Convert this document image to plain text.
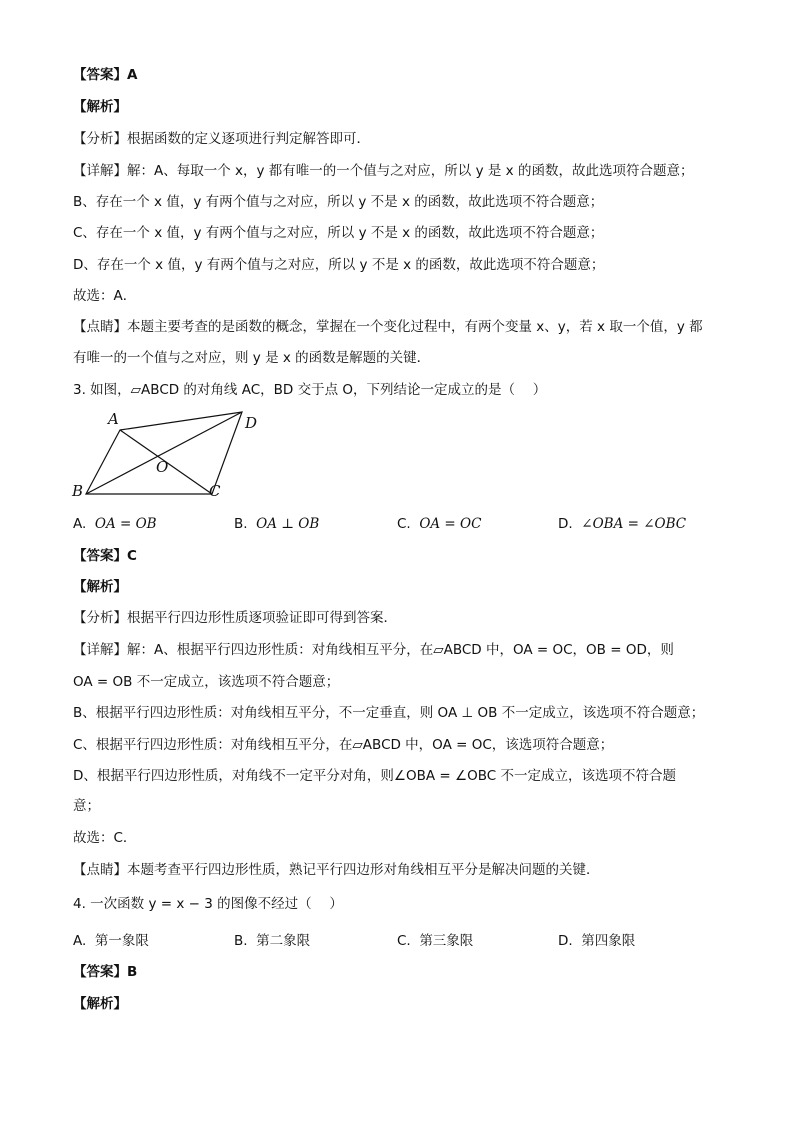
【答案】A
【解析】
【分析】根据函数的定义逐项进行判定解答即可．
【详解】解：A、每取一个 x，y 都有唯一的一个值与之对应，所以 y 是 x 的函数，故此选项符合题意；
B、存在一个 x 值，y 有两个值与之对应，所以 y 不是 x 的函数，故此选项不符合题意；
C、存在一个 x 值，y 有两个值与之对应，所以 y 不是 x 的函数，故此选项不符合题意；
D、存在一个 x 值，y 有两个值与之对应，所以 y 不是 x 的函数，故此选项不符合题意；
故选：A．
【点睛】本题主要考查的是函数的概念，掌握在一个变化过程中，有两个变量 x、y，若 x 取一个值，y 都
有唯一的一个值与之对应，则 y 是 x 的函数是解题的关键．
3. 如图，▱ABCD 的对角线 AC，BD 交于点 O，下列结论一定成立的是（　 ）
A	D
O
B	C
A. OA = OB	B. OA ⊥ OB	C. OA = OC	D. ∠OBA = ∠OBC
【答案】C
【解析】
【分析】根据平行四边形性质逐项验证即可得到答案．
【详解】解：A、根据平行四边形性质：对角线相互平分，在▱ABCD 中，OA = OC，OB = OD，则
OA = OB 不一定成立，该选项不符合题意；
B、根据平行四边形性质：对角线相互平分，不一定垂直，则 OA ⊥ OB 不一定成立，该选项不符合题意；
C、根据平行四边形性质：对角线相互平分，在▱ABCD 中，OA = OC，该选项符合题意；
D、根据平行四边形性质，对角线不一定平分对角，则∠OBA = ∠OBC 不一定成立，该选项不符合题
意；
故选：C．
【点睛】本题考查平行四边形性质，熟记平行四边形对角线相互平分是解决问题的关键．
4. 一次函数 y = x − 3 的图像不经过（　 ）
A. 第一象限	B. 第二象限	C. 第三象限	D. 第四象限
【答案】B
【解析】
